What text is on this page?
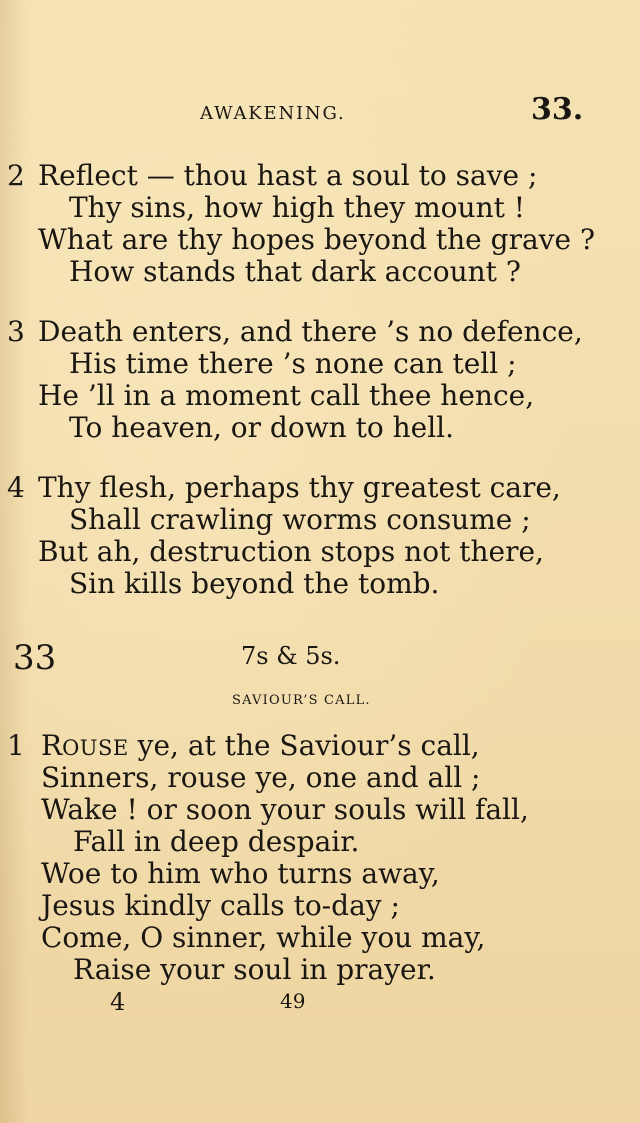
AWAKENING.	33.
2 Reflect — thou hast a soul to save ;
Thy sins, how high they mount !
What are thy hopes beyond the grave ?
How stands that dark account ?
3 Death enters, and there ’s no defence,
His time there ’s none can tell ;
He ’ll in a moment call thee hence,
To heaven, or down to hell.
4 Thy flesh, perhaps thy greatest care,
Shall crawling worms consume ;
But ah, destruction stops not there,
Sin kills beyond the tomb.
33	7s & 5s.
SAVIOUR’S CALL.
1 ROUSE ye, at the Saviour’s call,
Sinners, rouse ye, one and all ;
Wake ! or soon your souls will fall,
Fall in deep despair.
Woe to him who turns away,
Jesus kindly calls to-day ;
Come, O sinner, while you may,
Raise your soul in prayer.
4	49
